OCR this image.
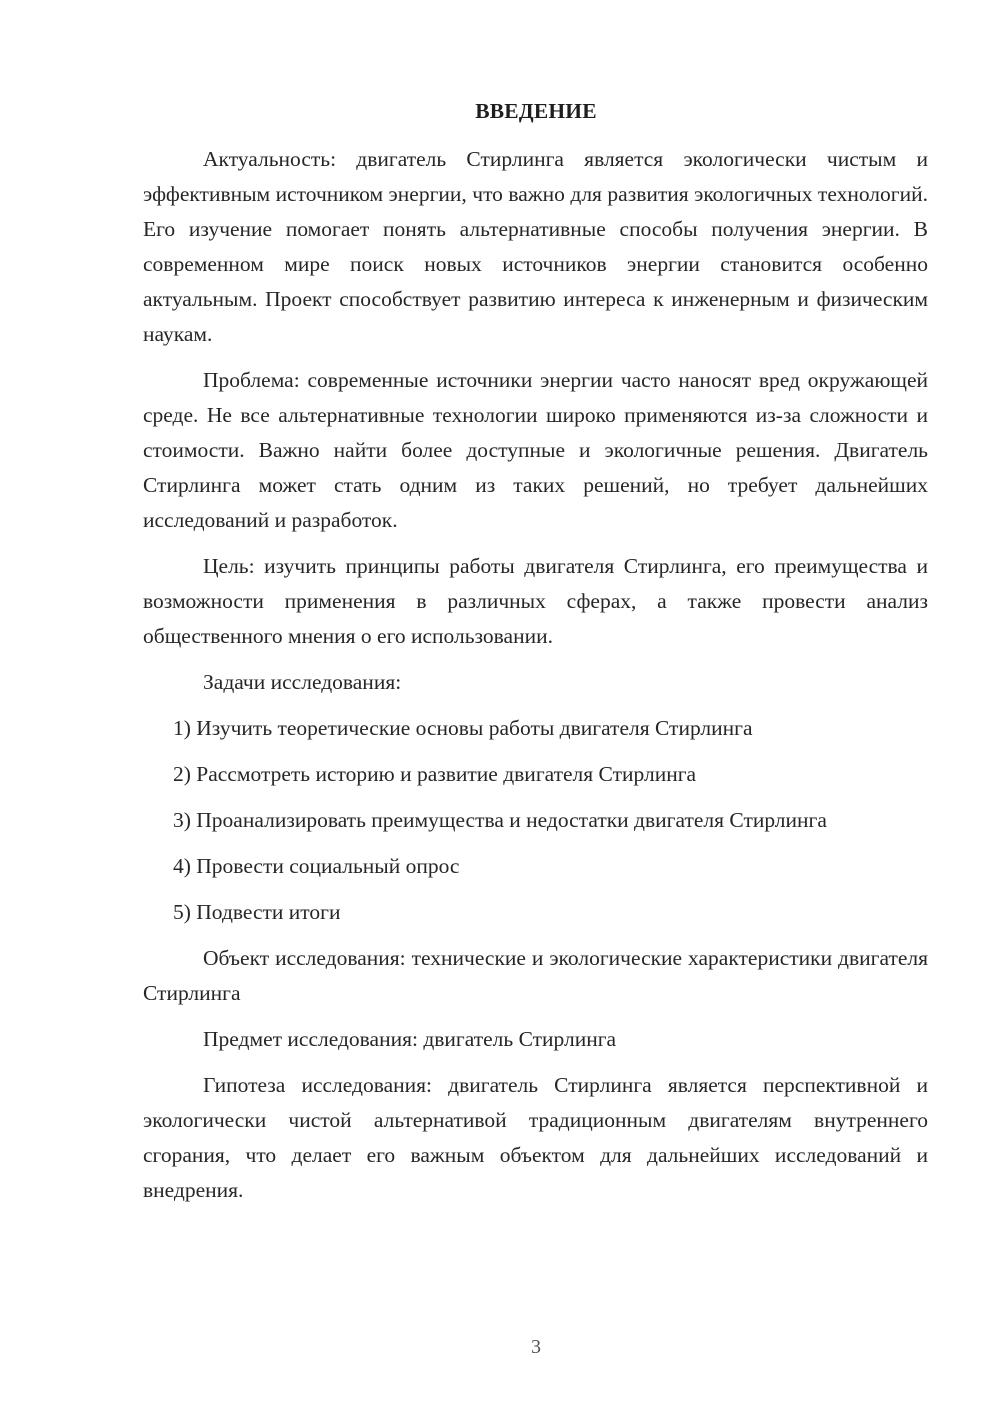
ВВЕДЕНИЕ

Актуальность: двигатель Стирлинга является экологически чистым и эффективным источником энергии, что важно для развития экологичных технологий. Его изучение помогает понять альтернативные способы получения энергии. В современном мире поиск новых источников энергии становится особенно актуальным. Проект способствует развитию интереса к инженерным и физическим наукам.

Проблема: современные источники энергии часто наносят вред окружающей среде. Не все альтернативные технологии широко применяются из-за сложности и стоимости. Важно найти более доступные и экологичные решения. Двигатель Стирлинга может стать одним из таких решений, но требует дальнейших исследований и разработок.

Цель: изучить принципы работы двигателя Стирлинга, его преимущества и возможности применения в различных сферах, а также провести анализ общественного мнения о его использовании.

Задачи исследования:

1) Изучить теоретические основы работы двигателя Стирлинга

2) Рассмотреть историю и развитие двигателя Стирлинга

3) Проанализировать преимущества и недостатки двигателя Стирлинга

4) Провести социальный опрос

5) Подвести итоги

Объект исследования: технические и экологические характеристики двигателя Стирлинга

Предмет исследования: двигатель Стирлинга

Гипотеза исследования: двигатель Стирлинга является перспективной и экологически чистой альтернативой традиционным двигателям внутреннего сгорания, что делает его важным объектом для дальнейших исследований и внедрения.

3
